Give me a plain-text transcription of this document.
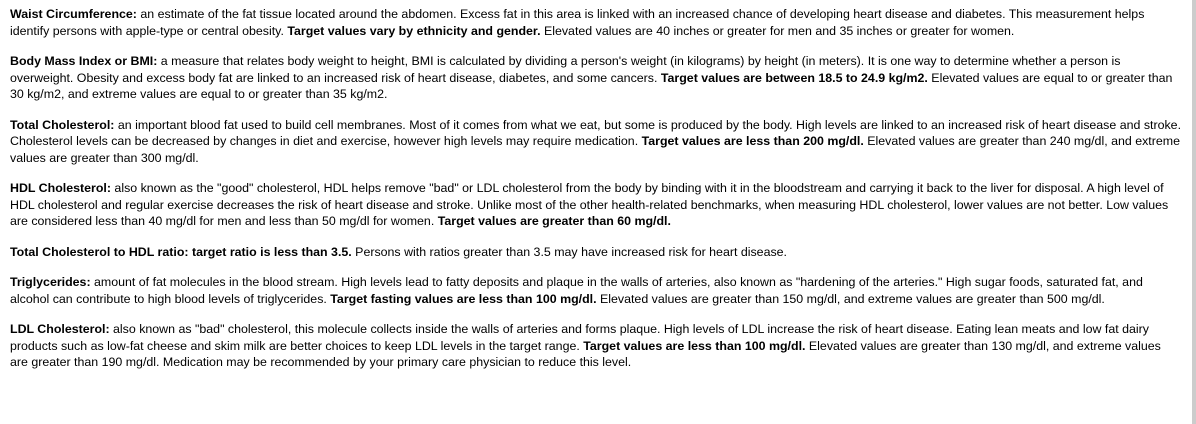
Waist Circumference: an estimate of the fat tissue located around the abdomen. Excess fat in this area is linked with an increased chance of developing heart disease and diabetes. This measurement helps identify persons with apple-type or central obesity. Target values vary by ethnicity and gender. Elevated values are 40 inches or greater for men and 35 inches or greater for women.

Body Mass Index or BMI: a measure that relates body weight to height, BMI is calculated by dividing a person's weight (in kilograms) by height (in meters). It is one way to determine whether a person is overweight. Obesity and excess body fat are linked to an increased risk of heart disease, diabetes, and some cancers. Target values are between 18.5 to 24.9 kg/m2. Elevated values are equal to or greater than 30 kg/m2, and extreme values are equal to or greater than 35 kg/m2.

Total Cholesterol: an important blood fat used to build cell membranes. Most of it comes from what we eat, but some is produced by the body. High levels are linked to an increased risk of heart disease and stroke. Cholesterol levels can be decreased by changes in diet and exercise, however high levels may require medication. Target values are less than 200 mg/dl. Elevated values are greater than 240 mg/dl, and extreme values are greater than 300 mg/dl.

HDL Cholesterol: also known as the "good" cholesterol, HDL helps remove "bad" or LDL cholesterol from the body by binding with it in the bloodstream and carrying it back to the liver for disposal. A high level of HDL cholesterol and regular exercise decreases the risk of heart disease and stroke. Unlike most of the other health-related benchmarks, when measuring HDL cholesterol, lower values are not better. Low values are considered less than 40 mg/dl for men and less than 50 mg/dl for women. Target values are greater than 60 mg/dl.

Total Cholesterol to HDL ratio: target ratio is less than 3.5. Persons with ratios greater than 3.5 may have increased risk for heart disease.

Triglycerides: amount of fat molecules in the blood stream. High levels lead to fatty deposits and plaque in the walls of arteries, also known as "hardening of the arteries." High sugar foods, saturated fat, and alcohol can contribute to high blood levels of triglycerides. Target fasting values are less than 100 mg/dl. Elevated values are greater than 150 mg/dl, and extreme values are greater than 500 mg/dl.

LDL Cholesterol: also known as "bad" cholesterol, this molecule collects inside the walls of arteries and forms plaque. High levels of LDL increase the risk of heart disease. Eating lean meats and low fat dairy products such as low-fat cheese and skim milk are better choices to keep LDL levels in the target range. Target values are less than 100 mg/dl. Elevated values are greater than 130 mg/dl, and extreme values are greater than 190 mg/dl. Medication may be recommended by your primary care physician to reduce this level.
